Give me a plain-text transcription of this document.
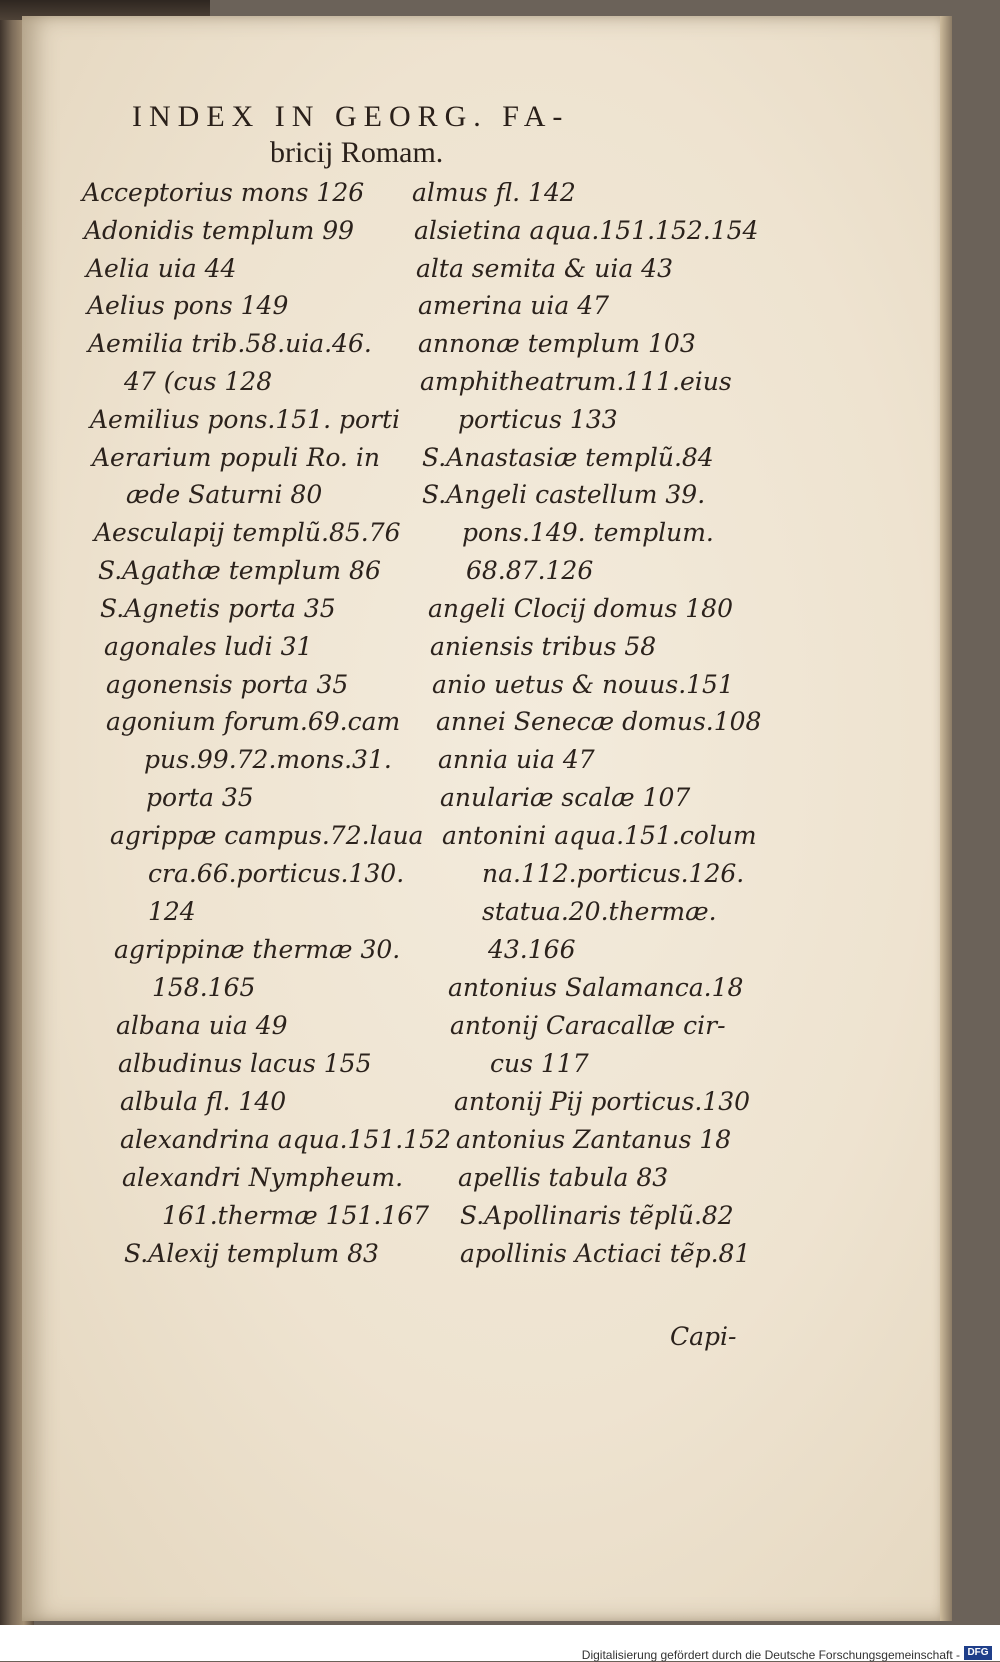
INDEX IN GEORG. FA-
bricij Romam.
Acceptorius mons 126
Adonidis templum 99
Aelia uia 44
Aelius pons 149
Aemilia trib.58.uia.46.
47 (cus 128
Aemilius pons.151. porti
Aerarium populi Ro. in
æde Saturni 80
Aesculapij templũ.85.76
S.Agathæ templum 86
S.Agnetis porta 35
agonales ludi 31
agonensis porta 35
agonium forum.69.cam
pus.99.72.mons.31.
porta 35
agrippæ campus.72.laua
cra.66.porticus.130.
124
agrippinæ thermæ 30.
158.165
albana uia 49
albudinus lacus 155
albula fl. 140
alexandrina aqua.151.152
alexandri Nympheum.
161.thermæ 151.167
S.Alexij templum 83
almus fl. 142
alsietina aqua.151.152.154
alta semita & uia 43
amerina uia 47
annonæ templum 103
amphitheatrum.111.eius
porticus 133
S.Anastasiæ templũ.84
S.Angeli castellum 39.
pons.149. templum.
68.87.126
angeli Clocij domus 180
aniensis tribus 58
anio uetus & nouus.151
annei Senecæ domus.108
annia uia 47
anulariæ scalæ 107
antonini aqua.151.colum
na.112.porticus.126.
statua.20.thermæ.
43.166
antonius Salamanca.18
antonij Caracallæ cir-
cus 117
antonij Pij porticus.130
antonius Zantanus 18
apellis tabula 83
S.Apollinaris tẽplũ.82
apollinis Actiaci tẽp.81
Capi-
Digitalisierung gefördert durch die Deutsche Forschungsgemeinschaft - DFG
